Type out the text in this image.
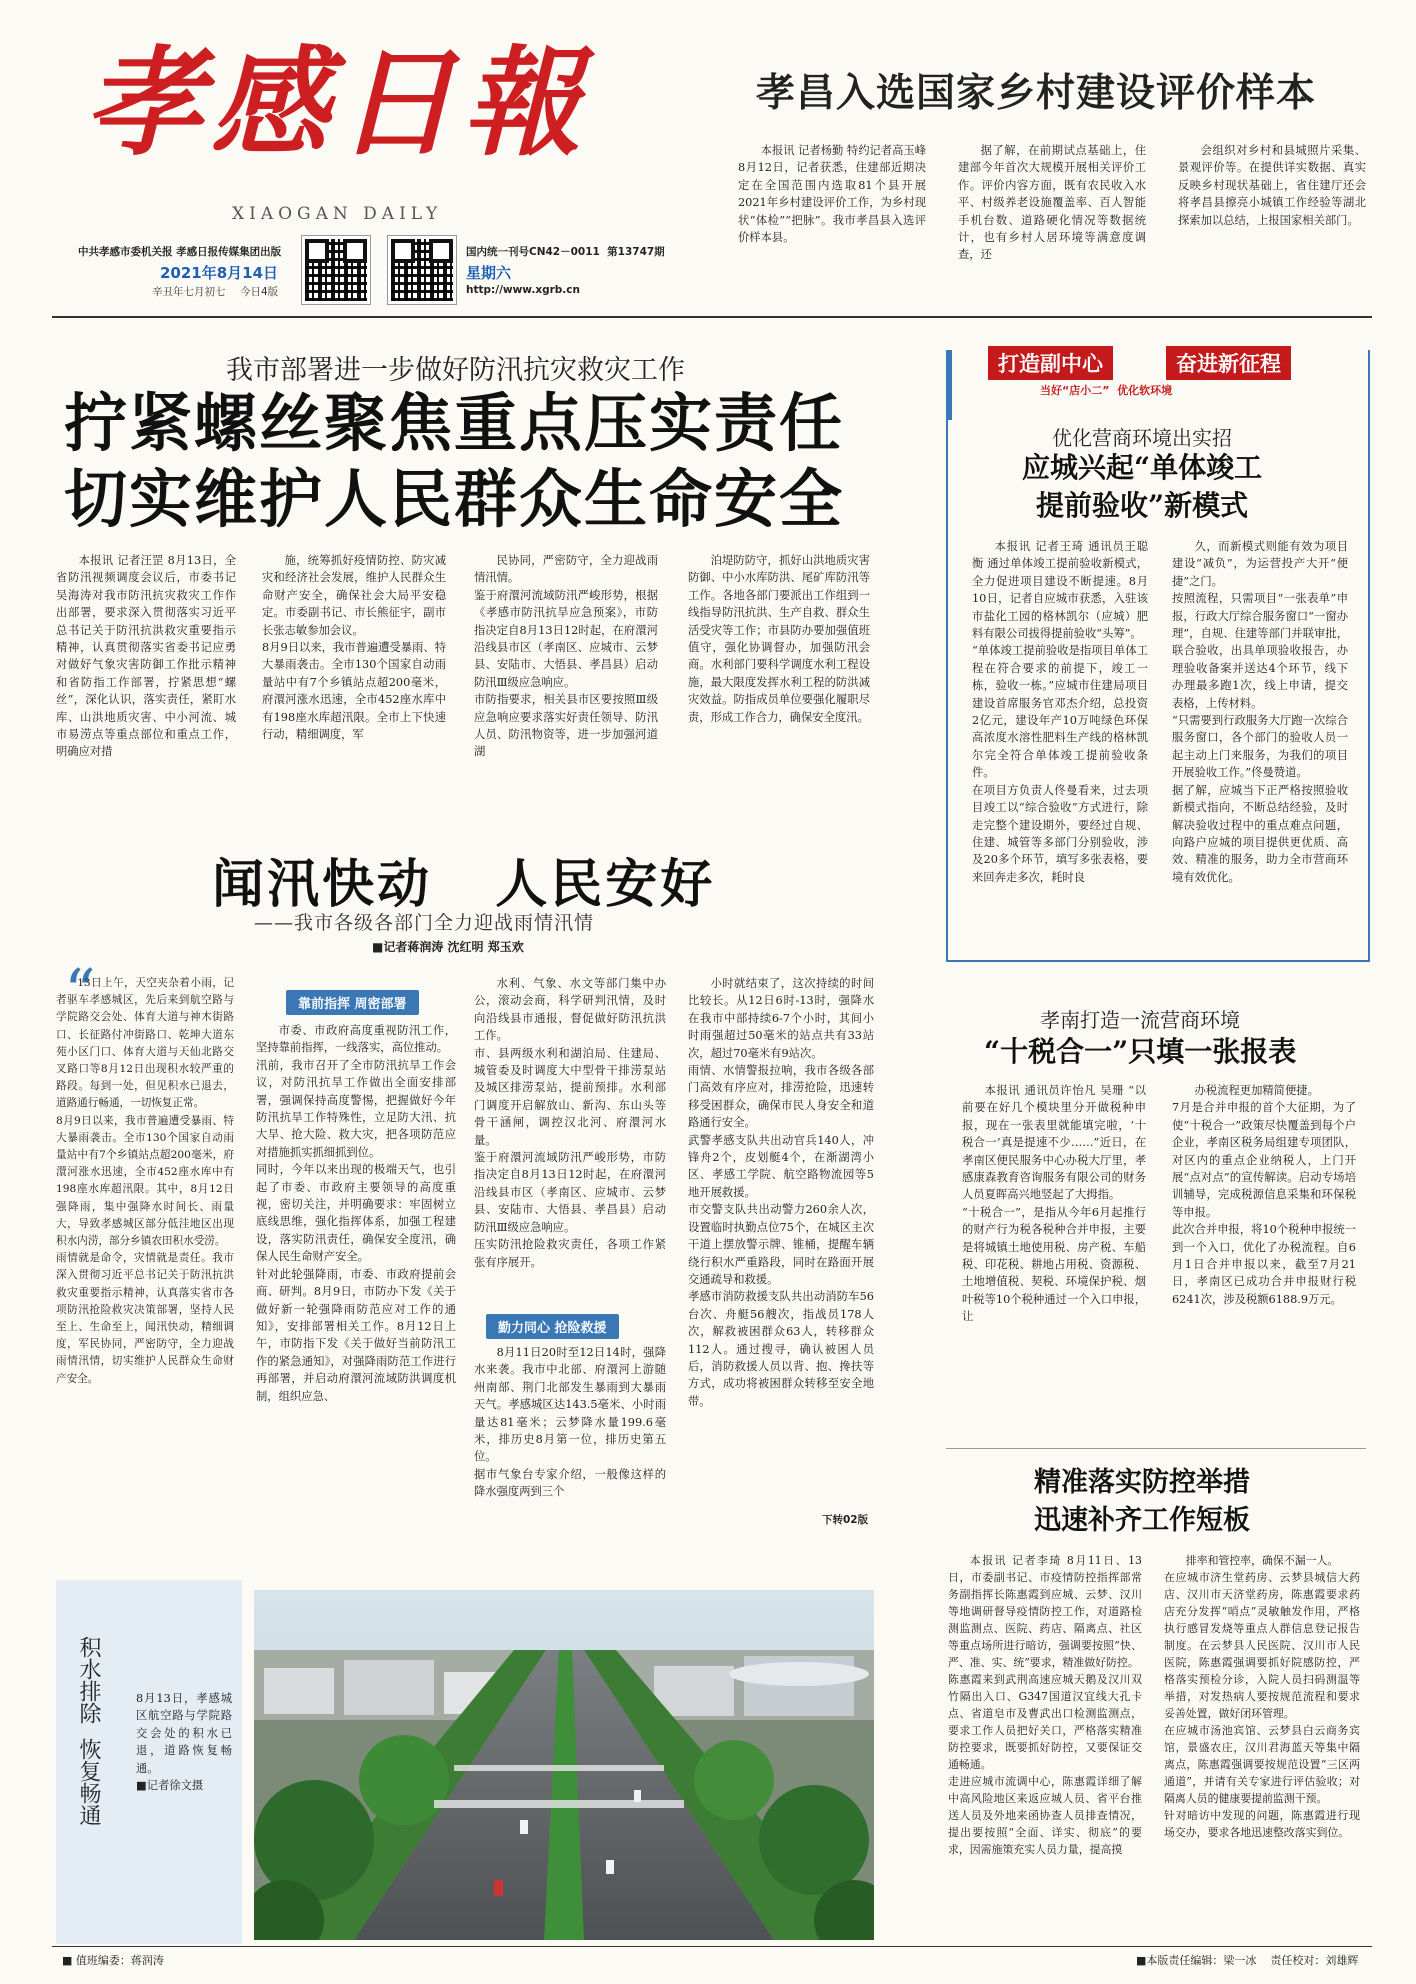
孝感日報
XIAOGAN DAILY
中共孝感市委机关报 孝感日报传媒集团出版
2021年8月14日
辛丑年七月初七 今日4版
国内统一刊号CN42－0011 第13747期
星期六
http://www.xgrb.cn
孝昌入选国家乡村建设评价样本

本报讯 记者杨勤 特约记者高玉峰 8月12日，记者获悉，住建部近期决定在全国范围内选取81个县开展2021年乡村建设评价工作，为乡村现状“体检”“把脉”。我市孝昌县入选评价样本县。

据了解，在前期试点基础上，住建部今年首次大规模开展相关评价工作。评价内容方面，既有农民收入水平、村级养老设施覆盖率、百人智能手机台数、道路硬化情况等数据统计，也有乡村人居环境等满意度调查，还

会组织对乡村和县城照片采集、景观评价等。在提供详实数据、真实反映乡村现状基础上，省住建厅还会将孝昌县擦亮小城镇工作经验等湖北探索加以总结，上报国家相关部门。

我市部署进一步做好防汛抗灾救灾工作
拧紧螺丝聚焦重点压实责任
切实维护人民群众生命安全

本报讯 记者汪罡 8月13日，全省防汛视频调度会议后，市委书记吴海涛对我市防汛抗灾救灾工作作出部署，要求深入贯彻落实习近平总书记关于防汛抗洪救灾重要指示精神，认真贯彻落实省委书记应勇对做好气象灾害防御工作批示精神和省防指工作部署，拧紧思想“螺丝”，深化认识，落实责任，紧盯水库、山洪地质灾害、中小河流、城市易涝点等重点部位和重点工作，明确应对措

施，统筹抓好疫情防控、防灾减灾和经济社会发展，维护人民群众生命财产安全，确保社会大局平安稳定。市委副书记、市长熊征宇，副市长张志敏参加会议。
8月9日以来，我市普遍遭受暴雨、特大暴雨袭击。全市130个国家自动雨量站中有7个乡镇站点超200毫米，府澴河涨水迅速，全市452座水库中有198座水库超汛限。全市上下快速行动，精细调度，军

民协同，严密防守，全力迎战雨情汛情。
鉴于府澴河流域防汛严峻形势，根据《孝感市防汛抗旱应急预案》，市防指决定自8月13日12时起，在府澴河沿线县市区（孝南区、应城市、云梦县、安陆市、大悟县、孝昌县）启动防汛Ⅲ级应急响应。
市防指要求，相关县市区要按照Ⅲ级应急响应要求落实好责任领导、防汛人员、防汛物资等，进一步加强河道湖

泊堤防防守，抓好山洪地质灾害防御、中小水库防洪、尾矿库防汛等工作。各地各部门要派出工作组到一线指导防汛抗洪、生产自救、群众生活受灾等工作；市县防办要加强值班值守，强化协调督办，加强防汛会商。水利部门要科学调度水利工程设施，最大限度发挥水利工程的防洪减灾效益。防指成员单位要强化履职尽责，形成工作合力，确保安全度汛。

闻汛快动   人民安好
——我市各级各部门全力迎战雨情汛情
■记者蒋润涛 沈红明 郑玉欢
“

13日上午，天空夹杂着小雨，记者驱车孝感城区，先后来到航空路与学院路交会处、体育大道与神木街路口、长征路付冲街路口、乾坤大道东苑小区门口、体育大道与天仙北路交叉路口等8月12日出现积水较严重的路段。每到一处，但见积水已退去，道路通行畅通，一切恢复正常。
8月9日以来，我市普遍遭受暴雨、特大暴雨袭击。全市130个国家自动雨量站中有7个乡镇站点超200毫米，府澴河涨水迅速，全市452座水库中有198座水库超汛限。其中，8月12日强降雨，集中强降水时间长、雨量大，导致孝感城区部分低洼地区出现积水内涝，部分乡镇农田积水受涝。
雨情就是命令，灾情就是责任。我市深入贯彻习近平总书记关于防汛抗洪救灾重要指示精神，认真落实省市各项防汛抢险救灾决策部署，坚持人民至上、生命至上，闻汛快动，精细调度，军民协同，严密防守，全力迎战雨情汛情，切实维护人民群众生命财产安全。

靠前指挥 周密部署

市委、市政府高度重视防汛工作，坚持靠前指挥，一线落实，高位推动。
汛前，我市召开了全市防汛抗旱工作会议，对防汛抗旱工作做出全面安排部署，强调保持高度警惕，把握做好今年防汛抗旱工作特殊性，立足防大汛、抗大旱、抢大险、救大灾，把各项防范应对措施抓实抓细抓到位。
同时，今年以来出现的极端天气，也引起了市委、市政府主要领导的高度重视，密切关注，并明确要求：牢固树立底线思维，强化指挥体系，加强工程建设，落实防汛责任，确保安全度汛，确保人民生命财产安全。
针对此轮强降雨，市委、市政府提前会商、研判。8月9日，市防办下发《关于做好新一轮强降雨防范应对工作的通知》，安排部署相关工作。8月12日上午，市防指下发《关于做好当前防汛工作的紧急通知》，对强降雨防范工作进行再部署，并启动府澴河流域防洪调度机制，组织应急、

水利、气象、水文等部门集中办公，滚动会商，科学研判汛情，及时向沿线县市通报，督促做好防汛抗洪工作。
市、县两级水利和湖泊局、住建局、城管委及时调度大中型骨干排涝泵站及城区排涝泵站，提前预排。水利部门调度开启解放山、新沟、东山头等骨干涵闸，调控汉北河、府澴河水量。
鉴于府澴河流域防汛严峻形势，市防指决定自8月13日12时起，在府澴河沿线县市区（孝南区、应城市、云梦县、安陆市、大悟县、孝昌县）启动防汛Ⅲ级应急响应。
压实防汛抢险救灾责任，各项工作紧张有序展开。

勤力同心 抢险救援

8月11日20时至12日14时，强降水来袭。我市中北部、府澴河上游随州南部、荆门北部发生暴雨到大暴雨天气。孝感城区达143.5毫米、小时雨量达81毫米；云梦降水量199.6毫米，排历史8月第一位，排历史第五位。
据市气象台专家介绍，一般像这样的降水强度两到三个

小时就结束了，这次持续的时间比较长。从12日6时-13时，强降水在我市中部持续6-7个小时，其间小时雨强超过50毫米的站点共有33站次，超过70毫米有9站次。
雨情、水情警报拉响，我市各级各部门高效有序应对，排涝抢险，迅速转移受困群众，确保市民人身安全和道路通行安全。
武警孝感支队共出动官兵140人，冲锋舟2个，皮划艇4个，在渐湖湾小区、孝感工学院、航空路物流园等5地开展救援。
市交警支队共出动警力260余人次，设置临时执勤点位75个，在城区主次干道上摆放警示牌、锥桶，提醒车辆绕行积水严重路段，同时在路面开展交通疏导和救援。
孝感市消防救援支队共出动消防车56台次、舟艇56艘次，指战员178人次，解救被困群众63人，转移群众112人。通过搜寻，确认被困人员后，消防救援人员以背、抱、搀扶等方式，成功将被困群众转移至安全地带。

下转02版
积水排除  恢复畅通	8月13日，孝感城区航空路与学院路交会处的积水已退，道路恢复畅通。
■记者徐文摄
打造副中心	奋进新征程
当好“店小二”  优化软环境
优化营商环境出实招
应城兴起“单体竣工
提前验收”新模式

本报讯 记者王琦 通讯员王聪衡 通过单体竣工提前验收新模式，全力促进项目建设不断提速。8月10日，记者自应城市获悉，入驻该市盐化工园的格林凯尔（应城）肥料有限公司拔得提前验收“头筹”。
“单体竣工提前验收是指项目单体工程在符合要求的前提下，竣工一栋，验收一栋。”应城市住建局项目建设首席服务官邓杰介绍，总投资2亿元，建设年产10万吨绿色环保高浓度水溶性肥料生产线的格林凯尔完全符合单体竣工提前验收条件。
在项目方负责人佟曼看来，过去项目竣工以“综合验收”方式进行，除走完整个建设期外，要经过自规、住建、城管等多部门分别验收，涉及20多个环节，填写多张表格，要来回奔走多次，耗时良

久，而新模式则能有效为项目建设“减负”，为运营投产大开“便捷”之门。
按照流程，只需项目“一张表单”申报，行政大厅综合服务窗口“一窗办理”，自规、住建等部门并联审批，联合验收，出具单项验收报告，办理验收备案并送达4个环节，线下办理最多跑1次，线上申请，提交表格，上传材料。
“只需要到行政服务大厅跑一次综合服务窗口，各个部门的验收人员一起主动上门来服务，为我们的项目开展验收工作。”佟曼赞道。
据了解，应城当下正严格按照验收新模式指向，不断总结经验，及时解决验收过程中的重点难点问题，向路户应城的项目提供更优质、高效、精准的服务，助力全市营商环境有效优化。

孝南打造一流营商环境
“十税合一”只填一张报表

本报讯 通讯员许怡凡 吴珊 “以前要在好几个模块里分开做税种申报，现在一张表里就能填完啦，‘十税合一’真是提速不少……”近日，在孝南区便民服务中心办税大厅里，孝感康森教育咨询服务有限公司的财务人员夏晖高兴地竖起了大拇指。
“十税合一”，是指从今年6月起推行的财产行为税各税种合并申报，主要是将城镇土地使用税、房产税、车船税、印花税、耕地占用税、资源税、土地增值税、契税、环境保护税、烟叶税等10个税种通过一个入口申报，让

办税流程更加精简便捷。
7月是合并申报的首个大征期，为了使“十税合一”政策尽快覆盖到每个户企业，孝南区税务局组建专项团队，对区内的重点企业纳税人，上门开展“点对点”的宣传解读。启动专场培训辅导，完成税源信息采集和环保税等申报。
此次合并申报，将10个税种申报统一到一个入口，优化了办税流程。自6月1日合并申报以来，截至7月21日，孝南区已成功合并申报财行税6241次，涉及税额6188.9万元。

精准落实防控举措
迅速补齐工作短板

本报讯 记者李琦 8月11日、13日，市委副书记、市疫情防控指挥部常务副指挥长陈惠霞到应城、云梦、汉川等地调研督导疫情防控工作，对道路检测监测点、医院、药店、隔离点、社区等重点场所进行暗访，强调要按照“快、严、准、实、统”要求，精准做好防控。
陈惠霞来到武荆高速应城天鹅及汉川双竹隔出入口、G347国道汉宜线大孔卡点、省道皂市及曹武出口检测监测点，要求工作人员把好关口，严格落实精准防控要求，既要抓好防控，又要保证交通畅通。
走进应城市流调中心，陈惠霞详细了解中高风险地区来返应城人员、省平台推送人员及外地来函协查人员排查情况，提出要按照“全面、详实、彻底”的要求，因需施策充实人员力量，提高摸

排率和管控率，确保不漏一人。
在应城市济生堂药房、云梦县城信大药店、汉川市天济堂药房，陈惠霞要求药店充分发挥“哨点”灵敏触发作用，严格执行感冒发烧等重点人群信息登记报告制度。在云梦县人民医院、汉川市人民医院，陈惠霞强调要抓好院感防控，严格落实预检分诊，入院人员扫码测温等举措，对发热病人要按规范流程和要求妥善处置，做好闭环管理。
在应城市汤池宾馆、云梦县白云商务宾馆，景盛农庄，汉川君海蓝天等集中隔离点，陈惠霞强调要按规范设置“三区两通道”，并请有关专家进行评估验收；对隔离人员的健康要提前监测干预。
针对暗访中发现的问题，陈惠霞进行现场交办，要求各地迅速整改落实到位。

■ 值班编委：蒋润涛	■本版责任编辑：梁一冰 责任校对：刘雄辉
